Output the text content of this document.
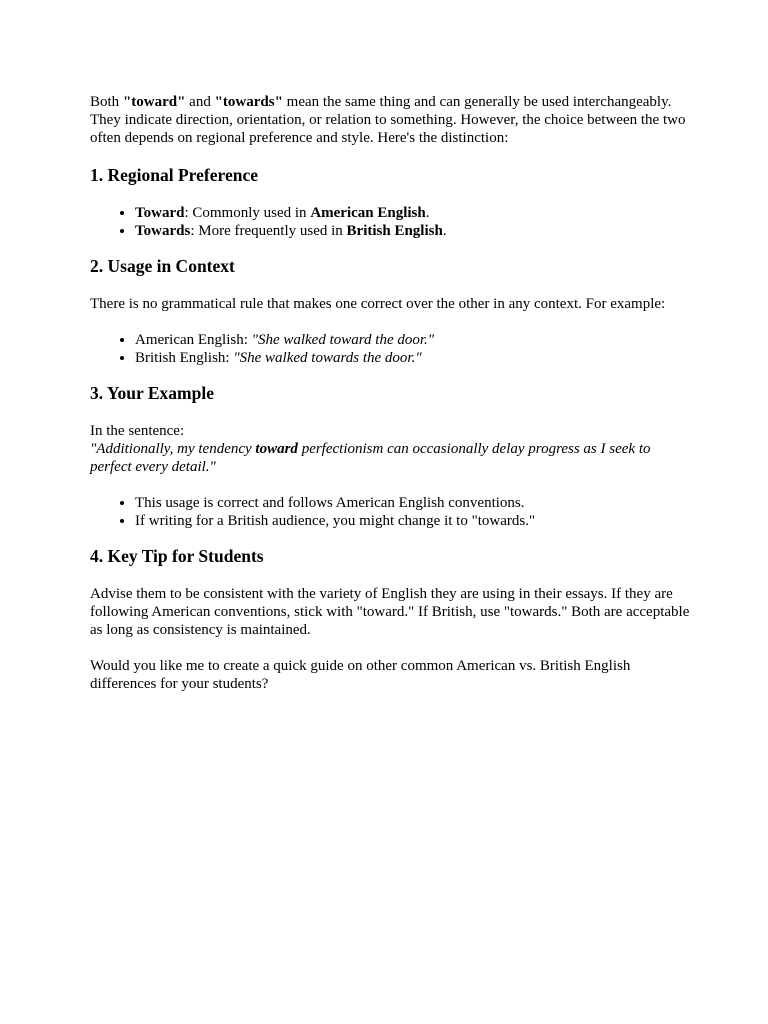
Both "toward" and "towards" mean the same thing and can generally be used interchangeably. They indicate direction, orientation, or relation to something. However, the choice between the two often depends on regional preference and style. Here's the distinction:

1. Regional Preference
• Toward: Commonly used in American English.
• Towards: More frequently used in British English.
2. Usage in Context

There is no grammatical rule that makes one correct over the other in any context. For example:

• American English: "She walked toward the door."
• British English: "She walked towards the door."
3. Your Example

In the sentence:

"Additionally, my tendency toward perfectionism can occasionally delay progress as I seek to perfect every detail."

• This usage is correct and follows American English conventions.
• If writing for a British audience, you might change it to "towards."
4. Key Tip for Students

Advise them to be consistent with the variety of English they are using in their essays. If they are following American conventions, stick with "toward." If British, use "towards." Both are acceptable as long as consistency is maintained.

Would you like me to create a quick guide on other common American vs. British English differences for your students?
